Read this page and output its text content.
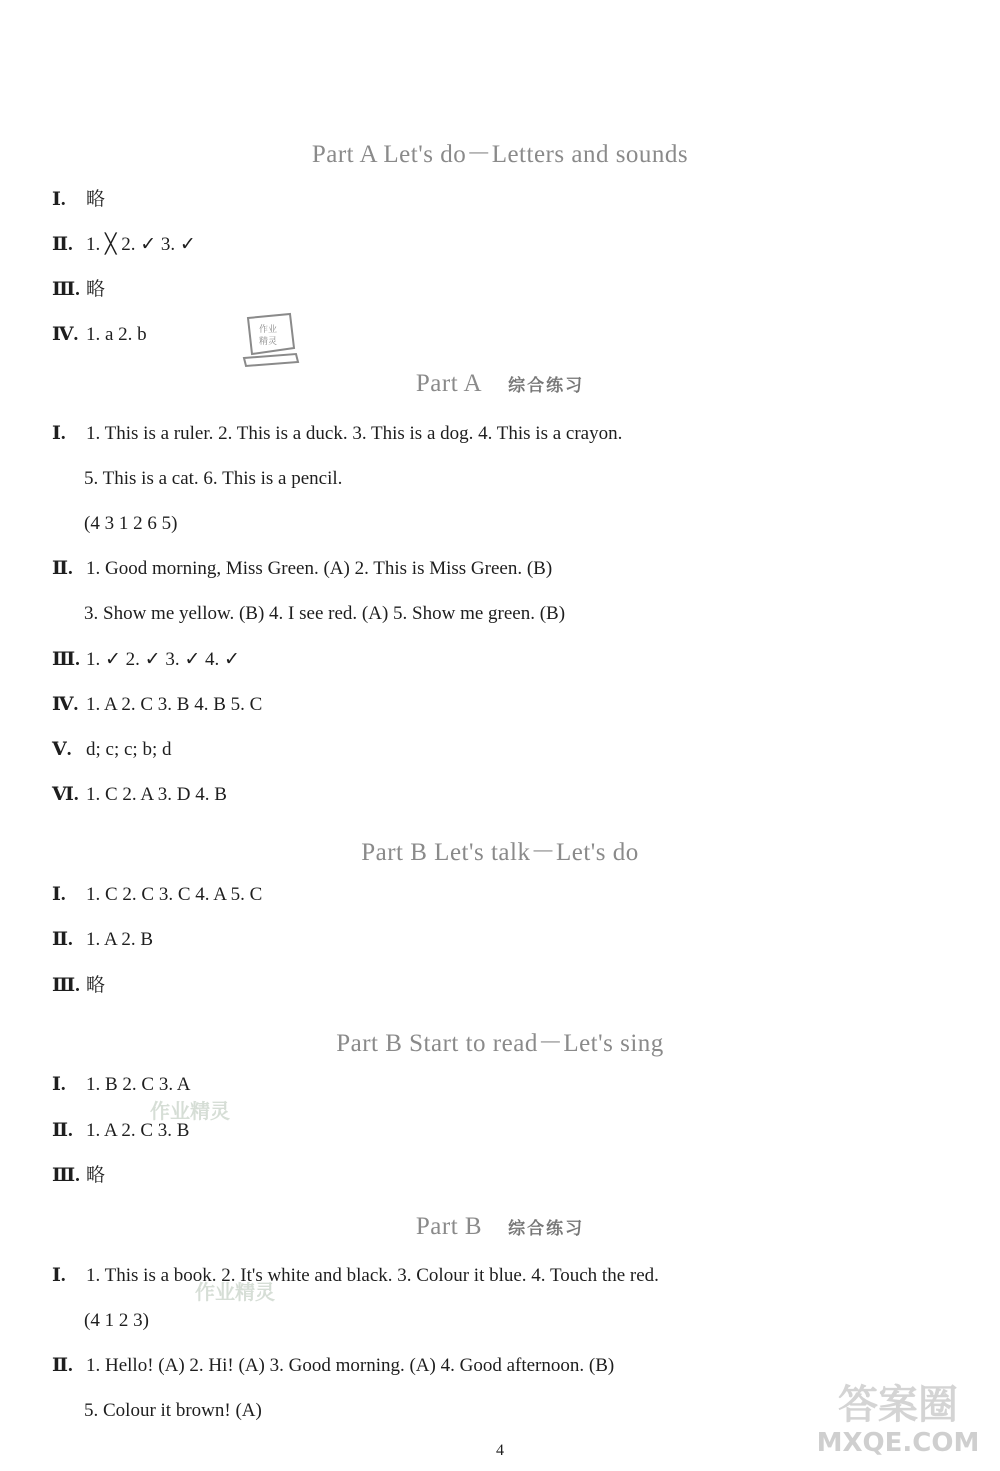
Part A Let's do－Letters and sounds
Part A 综合练习
Part B Let's talk－Let's do
Part B Start to read－Let's sing
Part B 综合练习
Ⅰ. 略
Ⅱ. 1. ╳ 2. ✓ 3. ✓
Ⅲ. 略
Ⅳ. 1. a 2. b
Ⅰ. 1. This is a ruler. 2. This is a duck. 3. This is a dog. 4. This is a crayon.
5. This is a cat. 6. This is a pencil.
(4 3 1 2 6 5)
Ⅱ. 1. Good morning, Miss Green. (A) 2. This is Miss Green. (B)
3. Show me yellow. (B) 4. I see red. (A) 5. Show me green. (B)
Ⅲ. 1. ✓ 2. ✓ 3. ✓ 4. ✓
Ⅳ. 1. A 2. C 3. B 4. B 5. C
Ⅴ. d; c; c; b; d
Ⅵ. 1. C 2. A 3. D 4. B
Ⅰ. 1. C 2. C 3. C 4. A 5. C
Ⅱ. 1. A 2. B
Ⅲ. 略
Ⅰ. 1. B 2. C 3. A
Ⅱ. 1. A 2. C 3. B
Ⅲ. 略
Ⅰ. 1. This is a book. 2. It's white and black. 3. Colour it blue. 4. Touch the red.
(4 1 2 3)
Ⅱ. 1. Hello! (A) 2. Hi! (A) 3. Good morning. (A) 4. Good afternoon. (B)
5. Colour it brown! (A)
作业
精灵
作业精灵
作业精灵
答案圈
MXQE.COM
4
